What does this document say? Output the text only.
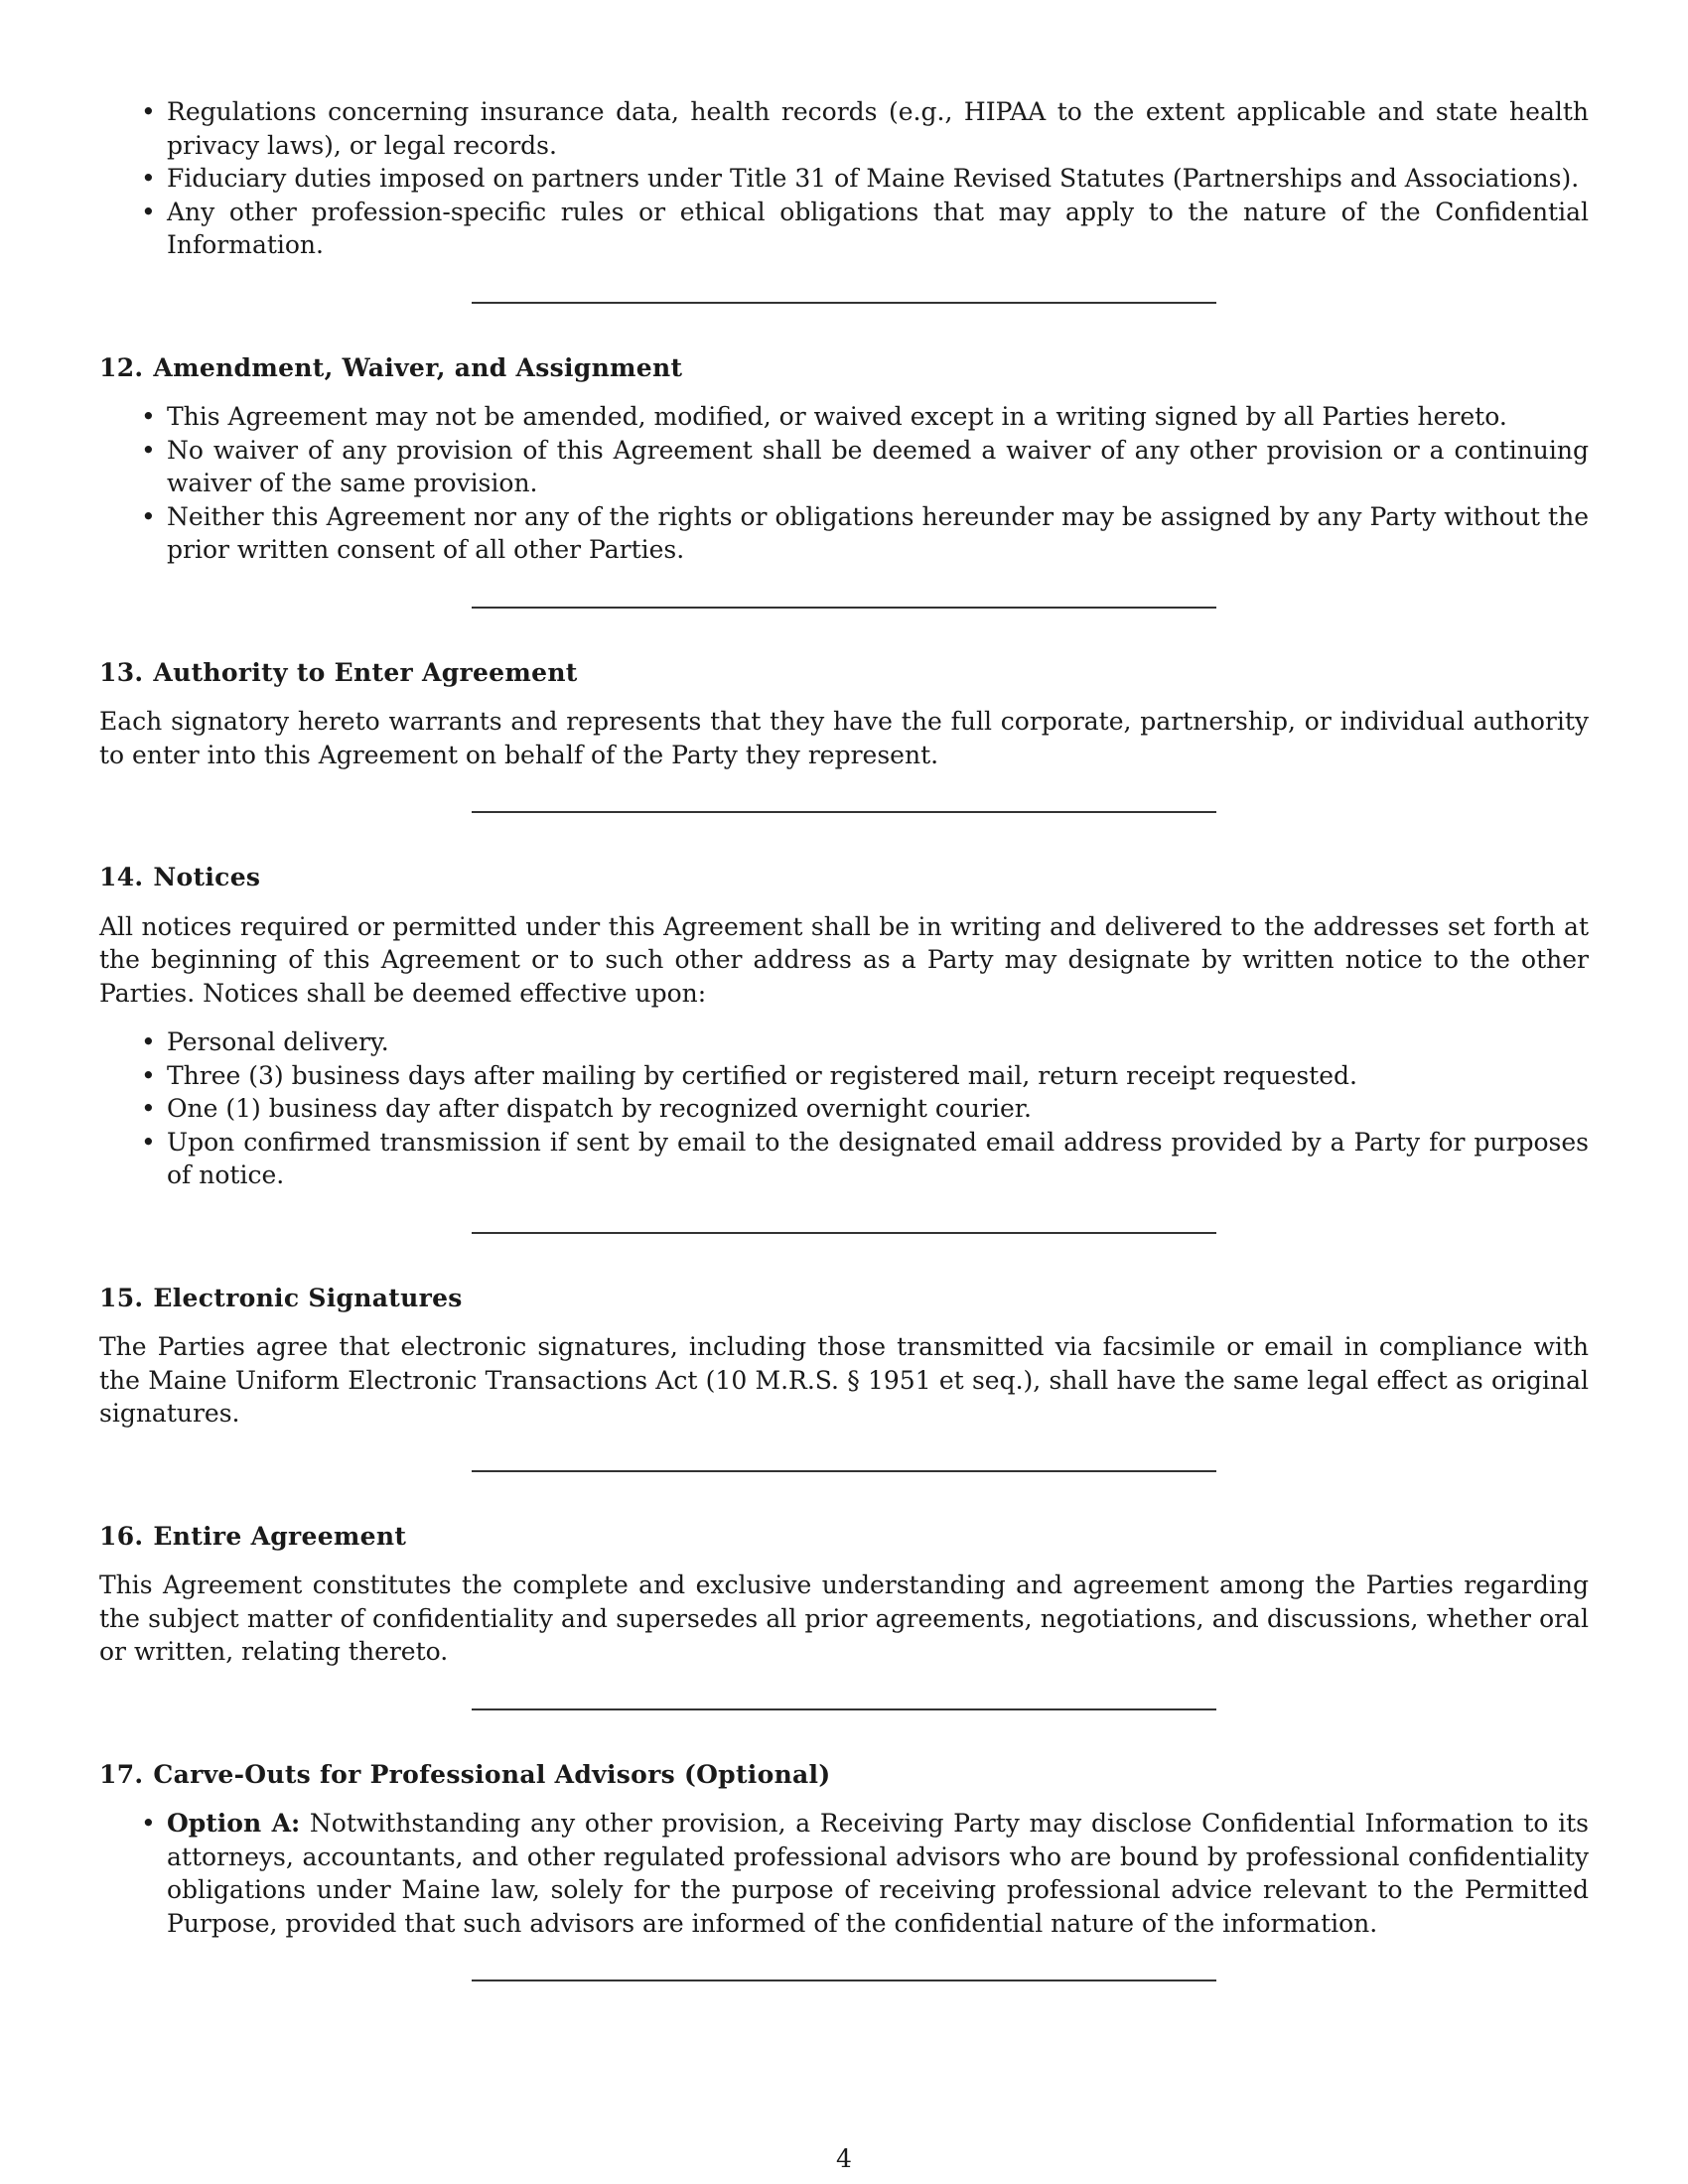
• Regulations concerning insurance data, health records (e.g., HIPAA to the extent applicable and state health privacy laws), or legal records.
• Fiduciary duties imposed on partners under Title 31 of Maine Revised Statutes (Partnerships and Associations).
• Any other profession-specific rules or ethical obligations that may apply to the nature of the Confidential Information.
12. Amendment, Waiver, and Assignment
• This Agreement may not be amended, modified, or waived except in a writing signed by all Parties hereto.
• No waiver of any provision of this Agreement shall be deemed a waiver of any other provision or a continuing waiver of the same provision.
• Neither this Agreement nor any of the rights or obligations hereunder may be assigned by any Party without the prior written consent of all other Parties.
13. Authority to Enter Agreement

Each signatory hereto warrants and represents that they have the full corporate, partnership, or individual authority to enter into this Agreement on behalf of the Party they represent.

14. Notices

All notices required or permitted under this Agreement shall be in writing and delivered to the addresses set forth at the beginning of this Agreement or to such other address as a Party may designate by written notice to the other Parties. Notices shall be deemed effective upon:

• Personal delivery.
• Three (3) business days after mailing by certified or registered mail, return receipt requested.
• One (1) business day after dispatch by recognized overnight courier.
• Upon confirmed transmission if sent by email to the designated email address provided by a Party for purposes of notice.
15. Electronic Signatures

The Parties agree that electronic signatures, including those transmitted via facsimile or email in compliance with the Maine Uniform Electronic Transactions Act (10 M.R.S. § 1951 et seq.), shall have the same legal effect as original signatures.

16. Entire Agreement

This Agreement constitutes the complete and exclusive understanding and agreement among the Parties regarding the subject matter of confidentiality and supersedes all prior agreements, negotiations, and discussions, whether oral or written, relating thereto.

17. Carve-Outs for Professional Advisors (Optional)
• Option A: Notwithstanding any other provision, a Receiving Party may disclose Confidential Information to its attorneys, accountants, and other regulated professional advisors who are bound by professional confidentiality obligations under Maine law, solely for the purpose of receiving professional advice relevant to the Permitted Purpose, provided that such advisors are informed of the confidential nature of the information.
4
